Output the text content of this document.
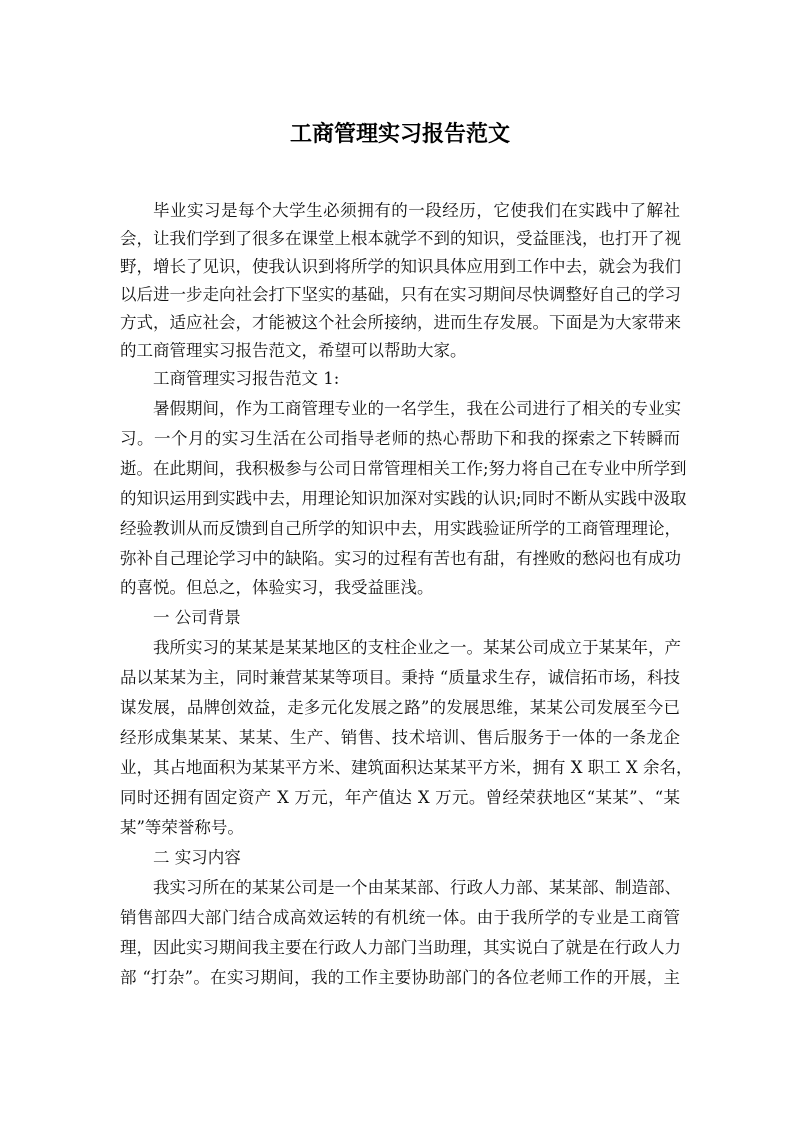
工商管理实习报告范文
毕业实习是每个大学生必须拥有的一段经历，它使我们在实践中了解社
会，让我们学到了很多在课堂上根本就学不到的知识，受益匪浅，也打开了视
野，增长了见识，使我认识到将所学的知识具体应用到工作中去，就会为我们
以后进一步走向社会打下坚实的基础，只有在实习期间尽快调整好自己的学习
方式，适应社会，才能被这个社会所接纳，进而生存发展。下面是为大家带来
的工商管理实习报告范文，希望可以帮助大家。
工商管理实习报告范文 1:
暑假期间，作为工商管理专业的一名学生，我在公司进行了相关的专业实
习。一个月的实习生活在公司指导老师的热心帮助下和我的探索之下转瞬而
逝。在此期间，我积极参与公司日常管理相关工作;努力将自己在专业中所学到
的知识运用到实践中去，用理论知识加深对实践的认识;同时不断从实践中汲取
经验教训从而反馈到自己所学的知识中去，用实践验证所学的工商管理理论，
弥补自己理论学习中的缺陷。实习的过程有苦也有甜，有挫败的愁闷也有成功
的喜悦。但总之，体验实习，我受益匪浅。
一 公司背景
我所实习的某某是某某地区的支柱企业之一。某某公司成立于某某年，产
品以某某为主，同时兼营某某等项目。秉持 “质量求生存，诚信拓市场，科技
谋发展，品牌创效益，走多元化发展之路”的发展思维，某某公司发展至今已
经形成集某某、某某、生产、销售、技术培训、售后服务于一体的一条龙企
业，其占地面积为某某平方米、建筑面积达某某平方米，拥有 X 职工 X 余名，
同时还拥有固定资产 X 万元，年产值达 X 万元。曾经荣获地区“某某”、“某
某”等荣誉称号。
二 实习内容
我实习所在的某某公司是一个由某某部、行政人力部、某某部、制造部、
销售部四大部门结合成高效运转的有机统一体。由于我所学的专业是工商管
理，因此实习期间我主要在行政人力部门当助理，其实说白了就是在行政人力
部 “打杂”。在实习期间，我的工作主要协助部门的各位老师工作的开展，主
